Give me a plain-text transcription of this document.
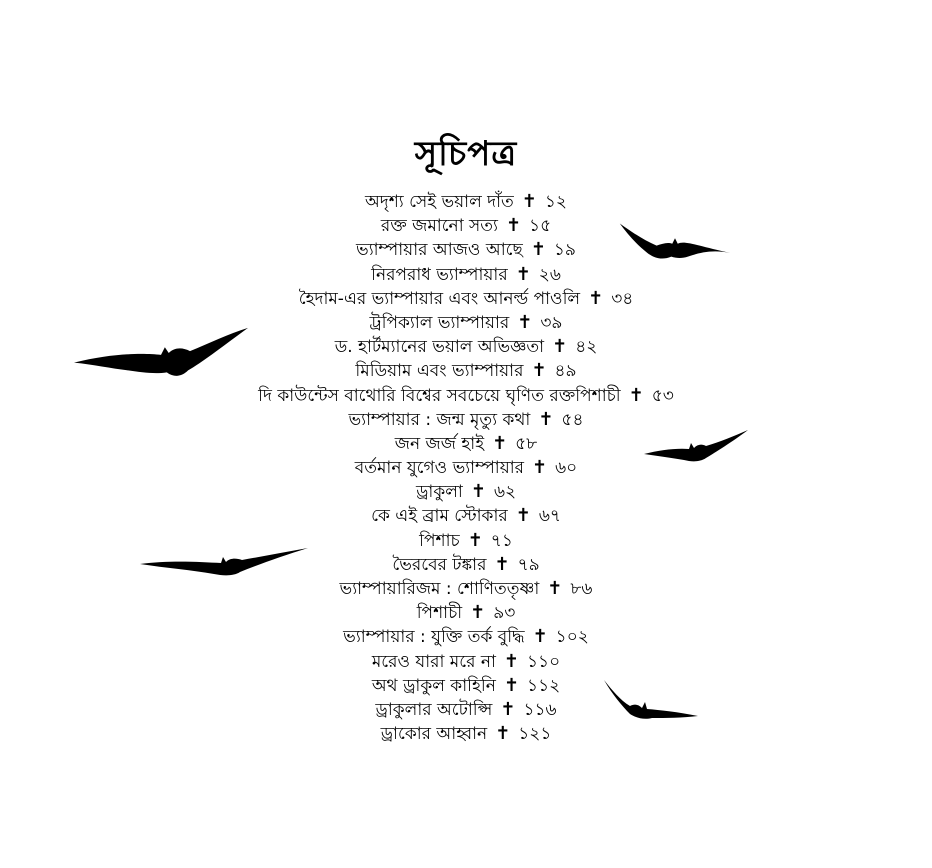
সূচিপত্র
অদৃশ্য সেই ভয়াল দাঁত ✝ ১২
রক্ত জমানো সত্য ✝ ১৫
ভ্যাম্পায়ার আজও আছে ✝ ১৯
নিরপরাধ ভ্যাম্পায়ার ✝ ২৬
হৈদাম-এর ভ্যাম্পায়ার এবং আনর্ল্ড পাওলি ✝ ৩৪
ট্রপিক্যাল ভ্যাম্পায়ার ✝ ৩৯
ড. হার্টম্যানের ভয়াল অভিজ্ঞতা ✝ ৪২
মিডিয়াম এবং ভ্যাম্পায়ার ✝ ৪৯
দি কাউন্টেস বাথোরি বিশ্বের সবচেয়ে ঘৃণিত রক্তপিশাচী ✝ ৫৩
ভ্যাম্পায়ার : জন্ম মৃত্যু কথা ✝ ৫৪
জন জর্জ হাই ✝ ৫৮
বর্তমান যুগেও ভ্যাম্পায়ার ✝ ৬০
ড্রাকুলা ✝ ৬২
কে এই ব্রাম স্টোকার ✝ ৬৭
পিশাচ ✝ ৭১
ভৈরবের টঙ্কার ✝ ৭৯
ভ্যাম্পায়ারিজম : শোণিততৃষ্ণা ✝ ৮৬
পিশাচী ✝ ৯৩
ভ্যাম্পায়ার : যুক্তি তর্ক বুদ্ধি ✝ ১০২
মরেও যারা মরে না ✝ ১১০
অথ ড্রাকুল কাহিনি ✝ ১১২
ড্রাকুলার অটোপ্সি ✝ ১১৬
ড্রাকোর আহ্বান ✝ ১২১
